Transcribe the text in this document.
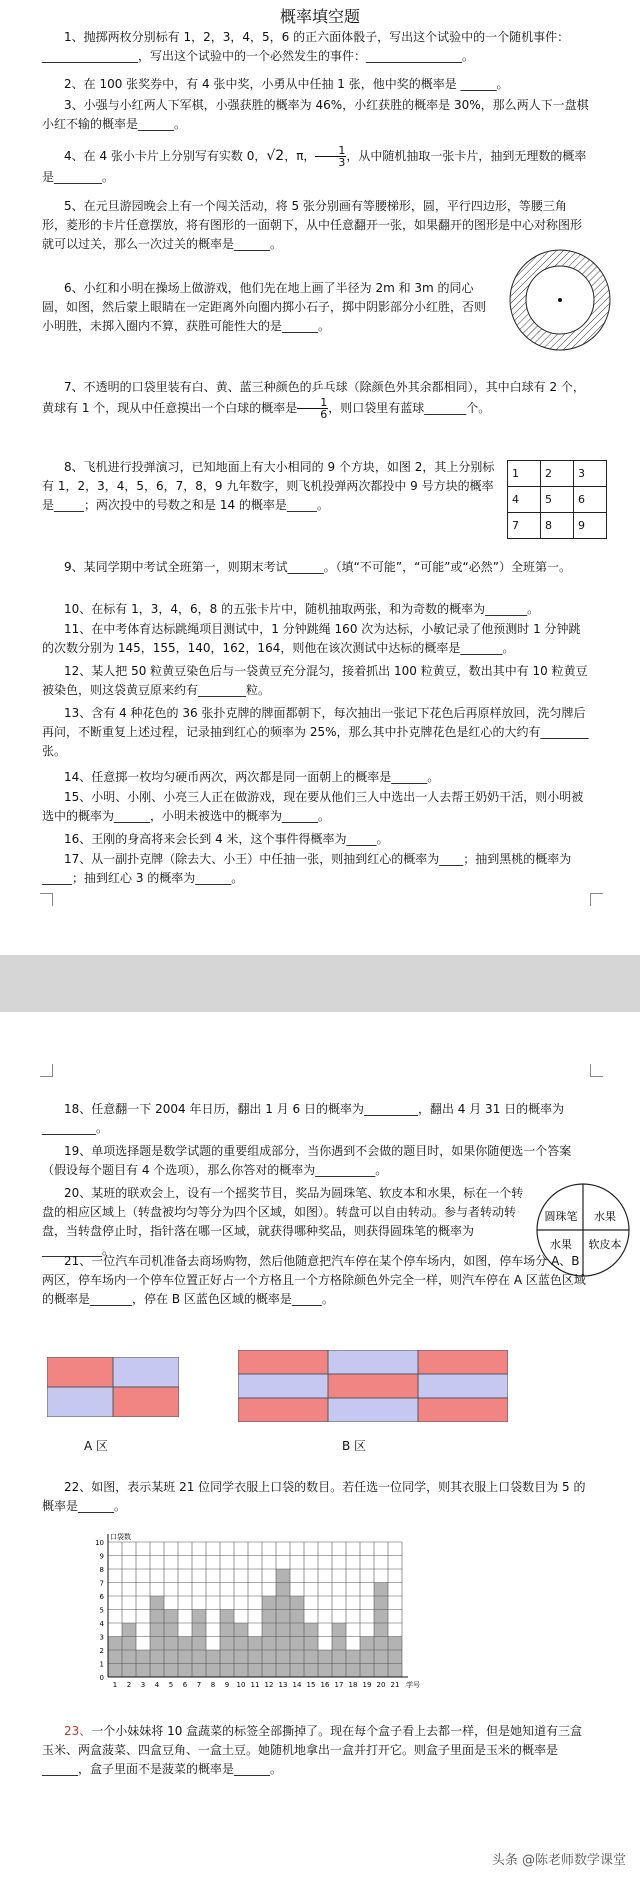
概率填空题

1、抛掷两枚分别标有 1，2，3，4，5，6 的正六面体骰子，写出这个试验中的一个随机事件：________________，写出这个试验中的一个必然发生的事件：________________。

2、在 100 张奖券中，有 4 张中奖，小勇从中任抽 1 张，他中奖的概率是 ______。

3、小强与小红两人下军棋，小强获胜的概率为 46%，小红获胜的概率是 30%，那么两人下一盘棋小红不输的概率是______。

4、在 4 张小卡片上分别写有实数 0，√2，π， $\frac{1}{3}$ ，从中随机抽取一张卡片，抽到无理数的概率是________。

5、在元旦游园晚会上有一个闯关活动，将 5 张分别画有等腰梯形，圆，平行四边形，等腰三角形，菱形的卡片任意摆放，将有图形的一面朝下，从中任意翻开一张，如果翻开的图形是中心对称图形就可以过关，那么一次过关的概率是______。

6、小红和小明在操场上做游戏，他们先在地上画了半径为 2m 和 3m 的同心圆，如图，然后蒙上眼睛在一定距离外向圈内掷小石子，掷中阴影部分小红胜，否则小明胜，未掷入圈内不算，获胜可能性大的是______。

7、不透明的口袋里装有白、黄、蓝三种颜色的乒乓球（除颜色外其余都相同），其中白球有 2 个，黄球有 1 个，现从中任意摸出一个白球的概率是 $\frac{1}{6}$ ，则口袋里有蓝球_______个。

8、飞机进行投弹演习，已知地面上有大小相同的 9 个方块，如图 2，其上分别标有 1，2，3，4，5，6，7，8，9 九年数字，则飞机投弹两次都投中 9 号方块的概率是_____；两次投中的号数之和是 14 的概率是_____。

1	2	3
4	5	6
7	8	9

9、某同学期中考试全班第一，则期末考试______。（填“不可能”，“可能”或“必然”）全班第一。

10、在标有 1，3，4，6，8 的五张卡片中，随机抽取两张，和为奇数的概率为_______。

11、在中考体育达标跳绳项目测试中，1 分钟跳绳 160 次为达标，小敏记录了他预测时 1 分钟跳的次数分别为 145，155，140，162，164，则他在该次测试中达标的概率是_______。

12、某人把 50 粒黄豆染色后与一袋黄豆充分混匀，接着抓出 100 粒黄豆，数出其中有 10 粒黄豆被染色，则这袋黄豆原来约有________粒。

13、含有 4 种花色的 36 张扑克牌的牌面都朝下，每次抽出一张记下花色后再原样放回，洗匀牌后再问，不断重复上述过程，记录抽到红心的频率为 25%，那么其中扑克牌花色是红心的大约有________张。

14、任意掷一枚均匀硬币两次，两次都是同一面朝上的概率是______。

15、小明、小刚、小亮三人正在做游戏，现在要从他们三人中选出一人去帮王奶奶干活，则小明被选中的概率为______，小明未被选中的概率为______。

16、王刚的身高将来会长到 4 米，这个事件得概率为_____。

17、从一副扑克牌（除去大、小王）中任抽一张，则抽到红心的概率为____；抽到黑桃的概率为_____；抽到红心 3 的概率为______。

18、任意翻一下 2004 年日历，翻出 1 月 6 日的概率为_________，翻出 4 月 31 日的概率为_________。

19、单项选择题是数学试题的重要组成部分，当你遇到不会做的题目时，如果你随便选一个答案（假设每个题目有 4 个选项），那么你答对的概率为__________。

20、某班的联欢会上，设有一个摇奖节目，奖品为圆珠笔、软皮本和水果，标在一个转盘的相应区域上（转盘被均匀等分为四个区域，如图）。转盘可以自由转动。参与者转动转盘，当转盘停止时，指针落在哪一区域，就获得哪种奖品，则获得圆珠笔的概率为__________。

圆珠笔 水果
水果 软皮本

21、一位汽车司机准备去商场购物，然后他随意把汽车停在某个停车场内，如图，停车场分 A、B 两区，停车场内一个停车位置正好占一个方格且一个方格除颜色外完全一样，则汽车停在 A 区蓝色区域的概率是_______，停在 B 区蓝色区域的概率是_____。

A 区	B 区

22、如图，表示某班 21 位同学衣服上口袋的数目。若任选一位同学，则其衣服上口袋数目为 5 的概率是______。

0
1
2
3
4
5
6
7
8
9
10
1 2 3 4 5 6 7 8 9 10 11 12 13 14 15 16 17 18 19 20 21
口袋数
学号

23、一个小妹妹将 10 盒蔬菜的标签全部撕掉了。现在每个盒子看上去都一样，但是她知道有三盒玉米、两盒菠菜、四盒豆角、一盒土豆。她随机地拿出一盒并打开它。则盒子里面是玉米的概率是______，盒子里面不是菠菜的概率是______。

头条 @陈老师数学课堂
